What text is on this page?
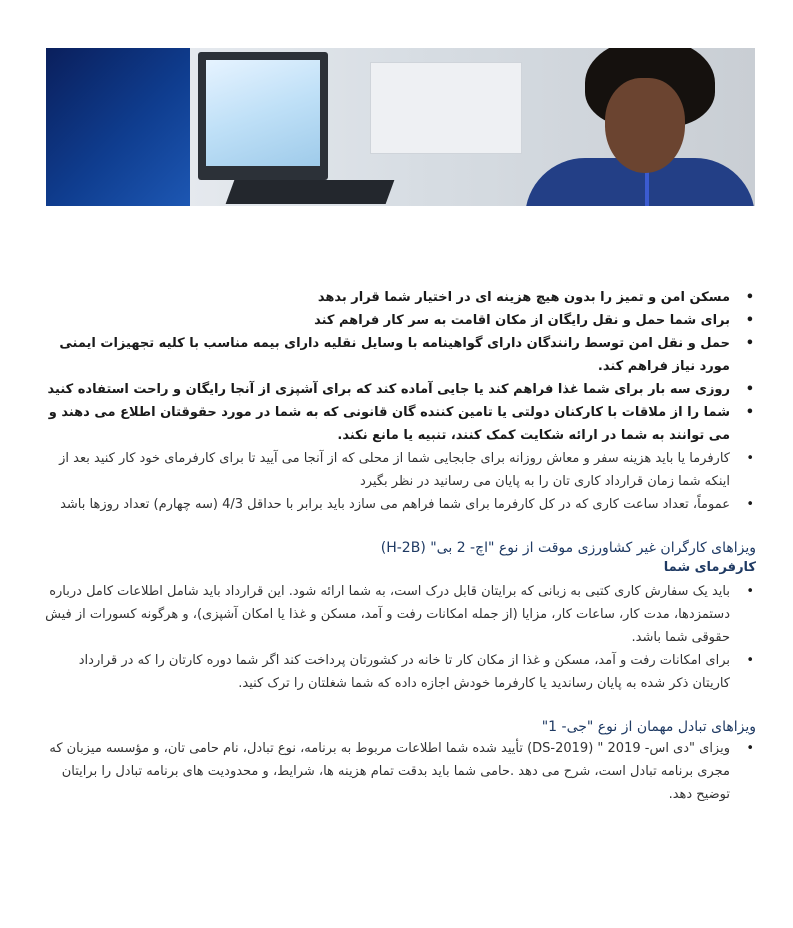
• مسکن امن و تمیز را بدون هیچ هزینه ای در اختیار شما قرار بدهد
• برای شما حمل و نقل رایگان از مکان اقامت به سر کار فراهم کند
• حمل و نقل امن توسط رانندگان دارای گواهینامه با وسایل نقلیه دارای بیمه مناسب با کلیه تجهیزات ایمنی مورد نیاز فراهم کند.
• روزی سه بار برای شما غذا فراهم کند یا جایی آماده کند که برای آشپزی از آنجا رایگان و راحت استفاده کنید
• شما را از ملاقات با کارکنان دولتی یا تامین کننده گان قانونی که به شما در مورد حقوقتان اطلاع می دهند و می توانند به شما در ارائه شکایت کمک کنند، تنبیه یا مانع نکند.
• کارفرما یا باید هزینه سفر و معاش روزانه برای جابجایی شما از محلی که از آنجا می آیید تا برای کارفرمای خود کار کنید بعد از اینکه شما زمان قرارداد کاری تان را به پایان می رسانید در نظر بگیرد
• عموماً، تعداد ساعت کاری که در کل کارفرما برای شما فراهم می سازد باید برابر با حداقل 4/3 (سه چهارم) تعداد روزها باشد

ویزاهای کارگران غیر کشاورزی موقت از نوع "اچ- 2 بی" (H-2B)

کارفرمای شما

• باید یک سفارش کاری کتبی به زبانی که برایتان قابل درک است، به شما ارائه شود. این قرارداد باید شامل اطلاعات کامل درباره دستمزدها، مدت کار، ساعات کار، مزایا (از جمله امکانات رفت و آمد، مسکن و غذا یا امکان آشپزی)، و هرگونه کسورات از فیش حقوقی شما باشد.
• برای امکانات رفت و آمد، مسکن و غذا از مکان کار تا خانه در کشورتان پرداخت کند اگر شما دوره کارتان را که در قرارداد کاریتان ذکر شده به پایان رساندید یا کارفرما خودش اجازه داده که شما شغلتان را ترک کنید.

ویزاهای تبادل مهمان از نوع "جی- 1"

• ویزای "دی اس- 2019 " (DS-2019) تأیید شده شما اطلاعات مربوط به برنامه، نوع تبادل، نام حامی تان، و مؤسسه میزبان که مجری برنامه تبادل است، شرح می دهد .حامی شما باید بدقت تمام هزینه ها، شرایط، و محدودیت های برنامه تبادل را برایتان توضیح دهد.
